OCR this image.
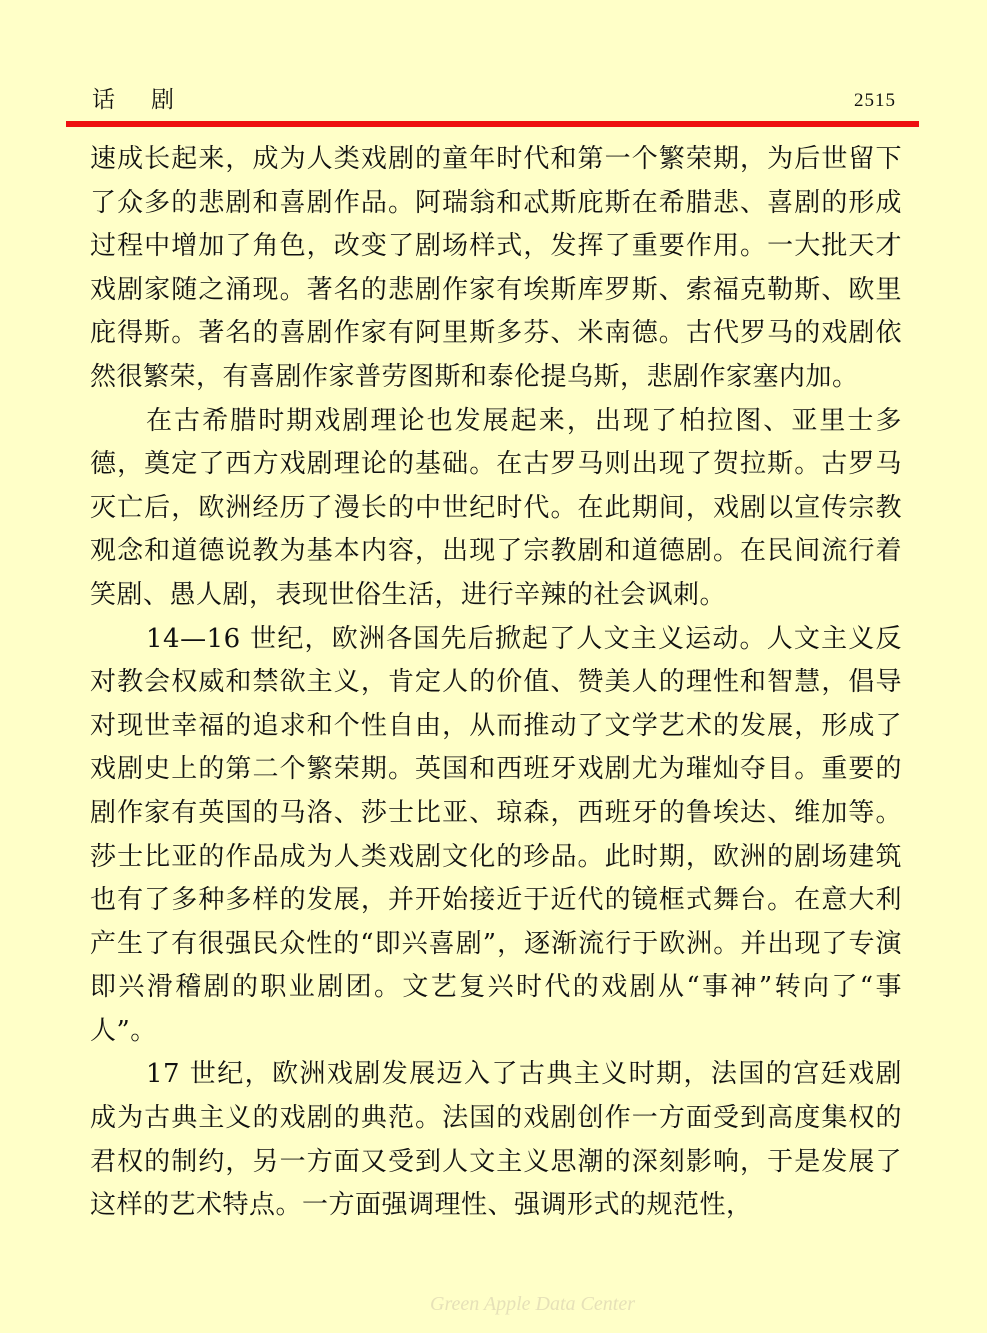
话剧	2515

速成长起来，成为人类戏剧的童年时代和第一个繁荣期，为后世留下了众多的悲剧和喜剧作品。阿瑞翁和忒斯庇斯在希腊悲、喜剧的形成过程中增加了角色，改变了剧场样式，发挥了重要作用。一大批天才戏剧家随之涌现。著名的悲剧作家有埃斯库罗斯、索福克勒斯、欧里庇得斯。著名的喜剧作家有阿里斯多芬、米南德。古代罗马的戏剧依然很繁荣，有喜剧作家普劳图斯和泰伦提乌斯，悲剧作家塞内加。

在古希腊时期戏剧理论也发展起来，出现了柏拉图、亚里士多德，奠定了西方戏剧理论的基础。在古罗马则出现了贺拉斯。古罗马灭亡后，欧洲经历了漫长的中世纪时代。在此期间，戏剧以宣传宗教观念和道德说教为基本内容，出现了宗教剧和道德剧。在民间流行着笑剧、愚人剧，表现世俗生活，进行辛辣的社会讽刺。

14—16 世纪，欧洲各国先后掀起了人文主义运动。人文主义反对教会权威和禁欲主义，肯定人的价值、赞美人的理性和智慧，倡导对现世幸福的追求和个性自由，从而推动了文学艺术的发展，形成了戏剧史上的第二个繁荣期。英国和西班牙戏剧尤为璀灿夺目。重要的剧作家有英国的马洛、莎士比亚、琼森，西班牙的鲁埃达、维加等。莎士比亚的作品成为人类戏剧文化的珍品。此时期，欧洲的剧场建筑也有了多种多样的发展，并开始接近于近代的镜框式舞台。在意大利产生了有很强民众性的“即兴喜剧”，逐渐流行于欧洲。并出现了专演即兴滑稽剧的职业剧团。文艺复兴时代的戏剧从“事神”转向了“事人”。

17 世纪，欧洲戏剧发展迈入了古典主义时期，法国的宫廷戏剧成为古典主义的戏剧的典范。法国的戏剧创作一方面受到高度集权的君权的制约，另一方面又受到人文主义思潮的深刻影响，于是发展了这样的艺术特点。一方面强调理性、强调形式的规范性，

Green Apple Data Center
